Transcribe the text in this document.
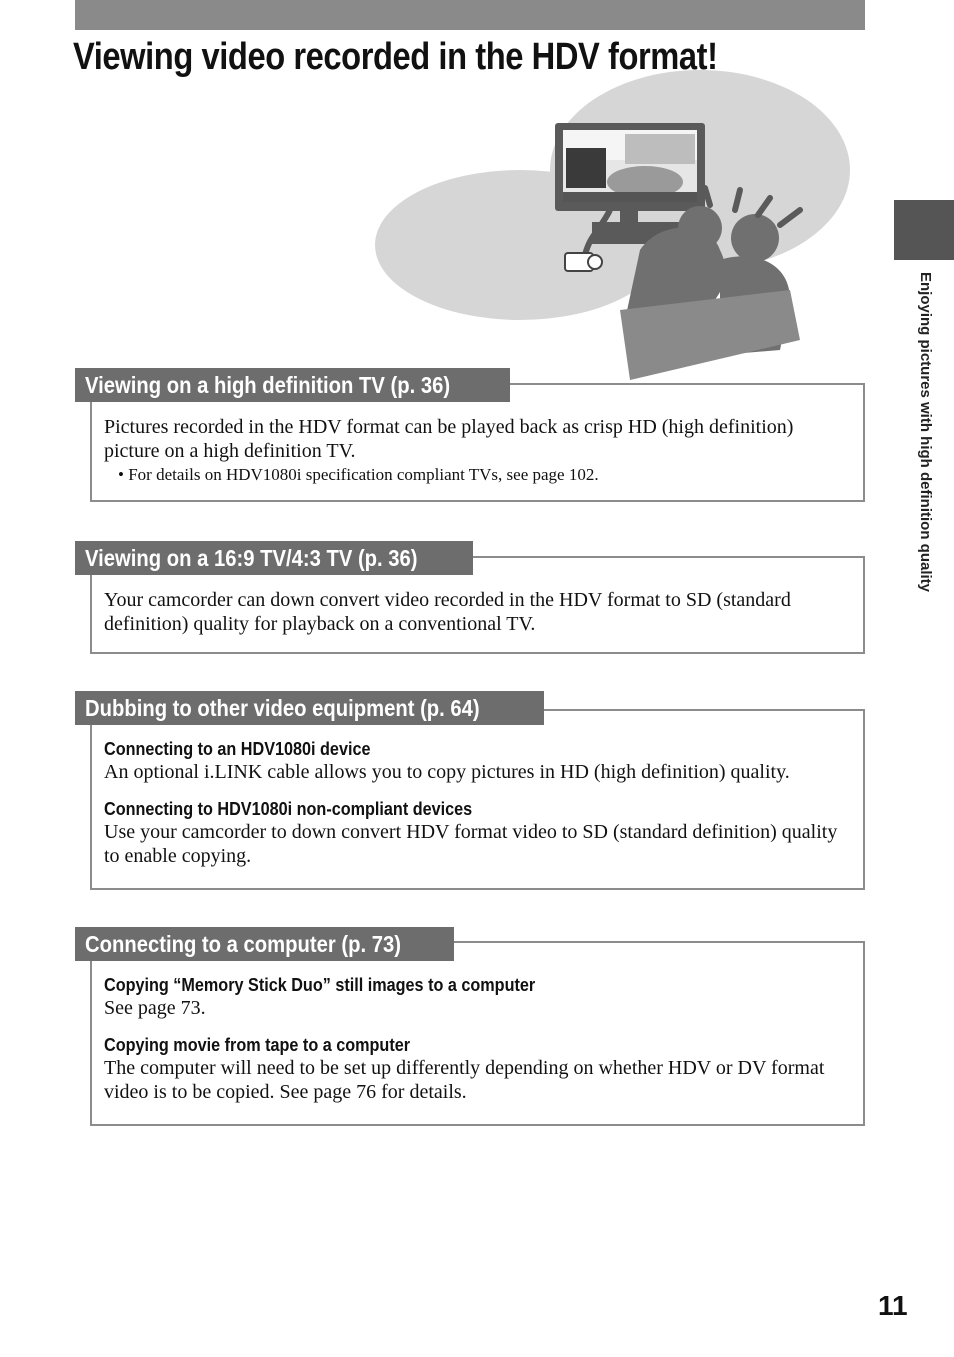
Viewing video recorded in the HDV format!
Viewing on a high definition TV (p. 36)

Pictures recorded in the HDV format can be played back as crisp HD (high definition) picture on a high definition TV.

• For details on HDV1080i specification compliant TVs, see page 102.

Viewing on a 16:9 TV/4:3 TV (p. 36)

Your camcorder can down convert video recorded in the HDV format to SD (standard definition) quality for playback on a conventional TV.

Dubbing to other video equipment (p. 64)

Connecting to an HDV1080i device

An optional i.LINK cable allows you to copy pictures in HD (high definition) quality.

Connecting to HDV1080i non-compliant devices

Use your camcorder to down convert HDV format video to SD (standard definition) quality to enable copying.

Connecting to a computer (p. 73)

Copying “Memory Stick Duo” still images to a computer

See page 73.

Copying movie from tape to a computer

The computer will need to be set up differently depending on whether HDV or DV format video is to be copied. See page 76 for details.

Enjoying pictures with high definition quality
11
